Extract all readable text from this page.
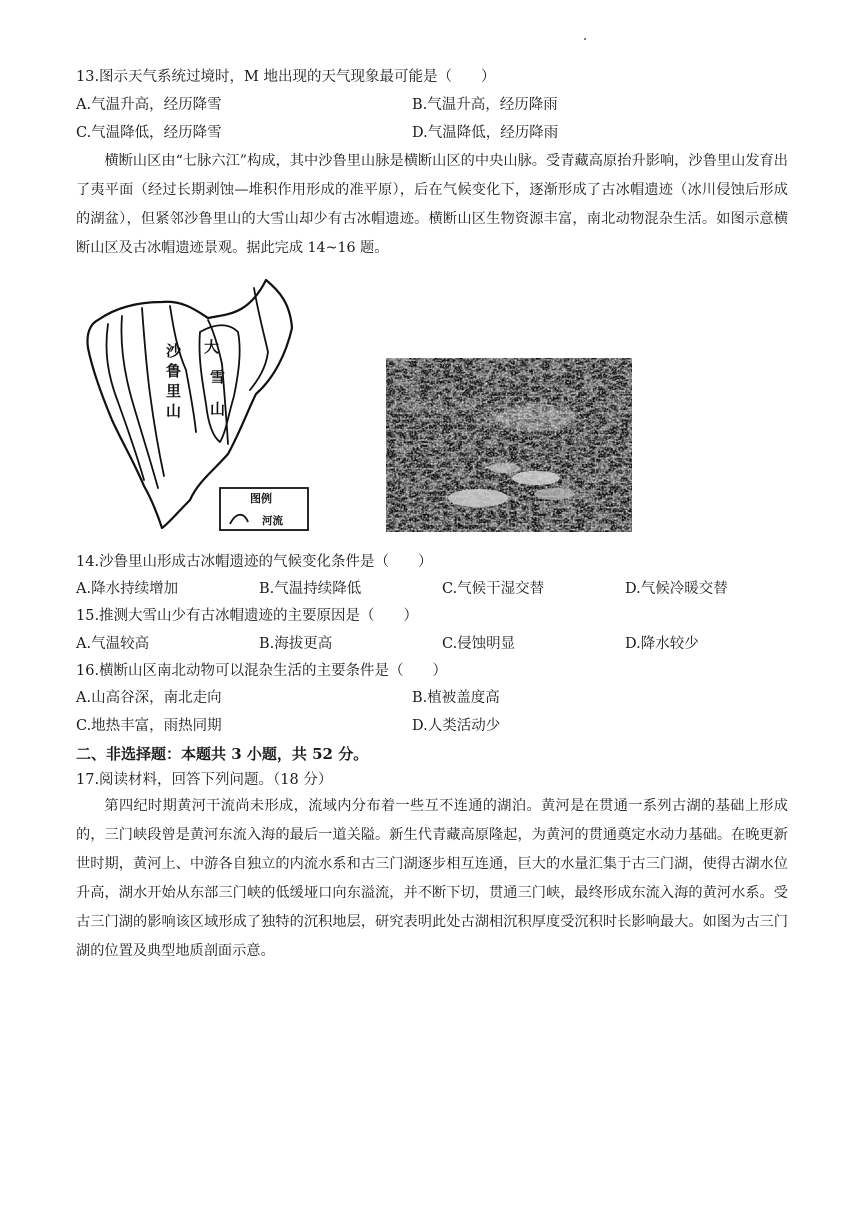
13.图示天气系统过境时，M 地出现的天气现象最可能是（　　）
A.气温升高，经历降雪	B.气温升高，经历降雨
C.气温降低，经历降雪	D.气温降低，经历降雨
横断山区由“七脉六江”构成，其中沙鲁里山脉是横断山区的中央山脉。受青藏高原抬升影响，沙鲁里山发育出了夷平面（经过长期剥蚀—堆积作用形成的准平原），后在气候变化下，逐渐形成了古冰帽遗迹（冰川侵蚀后形成的湖盆），但紧邻沙鲁里山的大雪山却少有古冰帽遗迹。横断山区生物资源丰富，南北动物混杂生活。如图示意横断山区及古冰帽遗迹景观。据此完成 14~16 题。
沙
鲁
里
山
大
雪
山
图例
河流
14.沙鲁里山形成古冰帽遗迹的气候变化条件是（　　）
A.降水持续增加	B.气温持续降低	C.气候干湿交替	D.气候冷暖交替
15.推测大雪山少有古冰帽遗迹的主要原因是（　　）
A.气温较高	B.海拔更高	C.侵蚀明显	D.降水较少
16.横断山区南北动物可以混杂生活的主要条件是（　　）
A.山高谷深，南北走向	B.植被盖度高
C.地热丰富，雨热同期	D.人类活动少
二、非选择题：本题共 3 小题，共 52 分。
17.阅读材料，回答下列问题。（18 分）
第四纪时期黄河干流尚未形成，流域内分布着一些互不连通的湖泊。黄河是在贯通一系列古湖的基础上形成的，三门峡段曾是黄河东流入海的最后一道关隘。新生代青藏高原隆起，为黄河的贯通奠定水动力基础。在晚更新世时期，黄河上、中游各自独立的内流水系和古三门湖逐步相互连通，巨大的水量汇集于古三门湖，使得古湖水位升高，湖水开始从东部三门峡的低缓垭口向东溢流，并不断下切，贯通三门峡，最终形成东流入海的黄河水系。受古三门湖的影响该区域形成了独特的沉积地层，研究表明此处古湖相沉积厚度受沉积时长影响最大。如图为古三门湖的位置及典型地质剖面示意。
